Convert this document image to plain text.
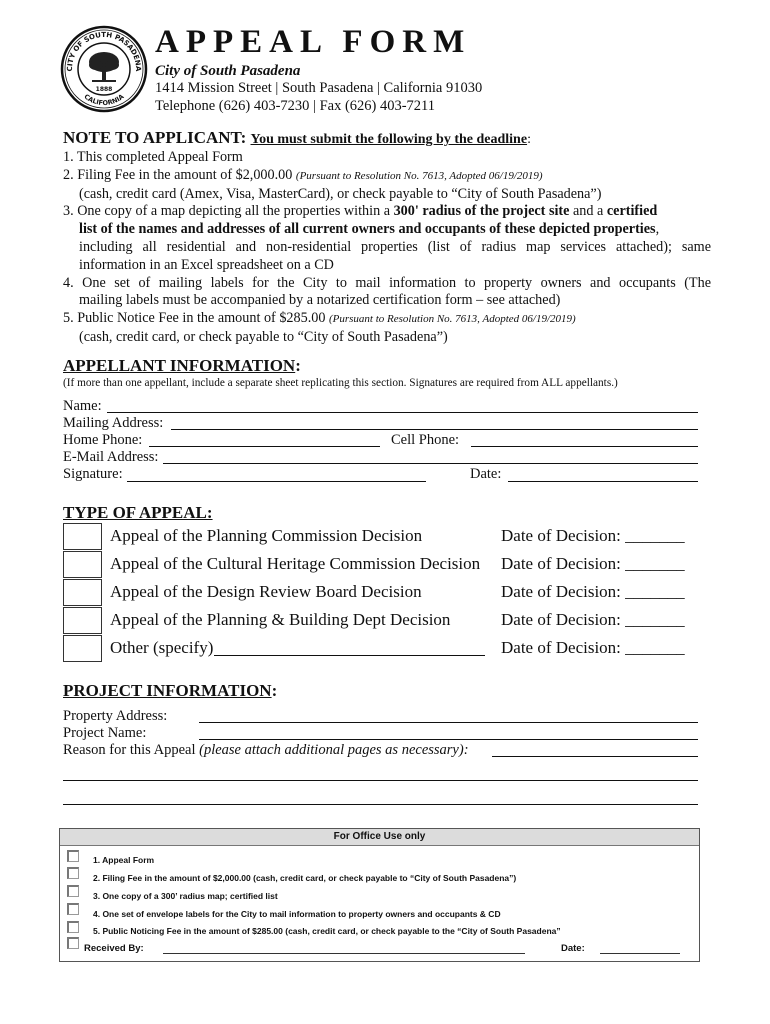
CITY OF SOUTH PASADENA
CALIFORNIA
1888
APPEAL FORM
City of South Pasadena
1414 Mission Street | South Pasadena | California 91030
Telephone (626) 403-7230 | Fax (626) 403-7211
NOTE TO APPLICANT: You must submit the following by the deadline:
1. This completed Appeal Form
2. Filing Fee in the amount of $2,000.00 (Pursuant to Resolution No. 7613, Adopted 06/19/2019)
(cash, credit card (Amex, Visa, MasterCard), or check payable to “City of South Pasadena”)
3. One copy of a map depicting all the properties within a 300' radius of the project site and a certified
list of the names and addresses of all current owners and occupants of these depicted properties,
including all residential and non-residential properties (list of radius map services attached); same
information in an Excel spreadsheet on a CD
4. One set of mailing labels for the City to mail information to property owners and occupants (The
mailing labels must be accompanied by a notarized certification form – see attached)
5. Public Notice Fee in the amount of $285.00 (Pursuant to Resolution No. 7613, Adopted 06/19/2019)
(cash, credit card, or check payable to “City of South Pasadena”)
APPELLANT INFORMATION:
(If more than one appellant, include a separate sheet replicating this section. Signatures are required from ALL appellants.)
Name:
Mailing Address:
Home Phone:	Cell Phone:
E-Mail Address:
Signature:	Date:
TYPE OF APPEAL:
Appeal of the Planning Commission Decision	Date of Decision: _______
Appeal of the Cultural Heritage Commission Decision Date of Decision: _______
Appeal of the Design Review Board Decision	Date of Decision: _______
Appeal of the Planning & Building Dept Decision	Date of Decision: _______
Other (specify)	Date of Decision: _______
PROJECT INFORMATION:
Property Address:
Project Name:
Reason for this Appeal (please attach additional pages as necessary):
For Office Use only
1. Appeal Form
2. Filing Fee in the amount of $2,000.00 (cash, credit card, or check payable to “City of South Pasadena”)
3. One copy of a 300’ radius map; certified list
4. One set of envelope labels for the City to mail information to property owners and occupants & CD
5. Public Noticing Fee in the amount of $285.00 (cash, credit card, or check payable to the “City of South Pasadena”
Received By:	Date:
